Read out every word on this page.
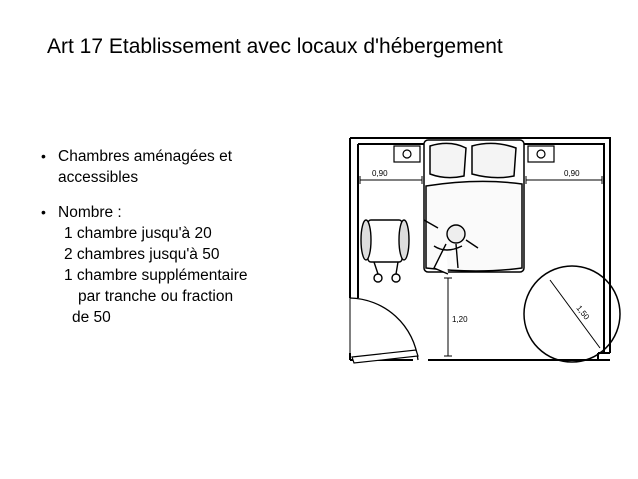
Art 17 Etablissement avec locaux d'hébergement
• Chambres aménagées et
accessibles
• Nombre :
1 chambre jusqu'à 20
2 chambres jusqu'à 50
1 chambre supplémentaire
par tranche ou fraction
de 50
0,90	0,90
1,20	1,50
